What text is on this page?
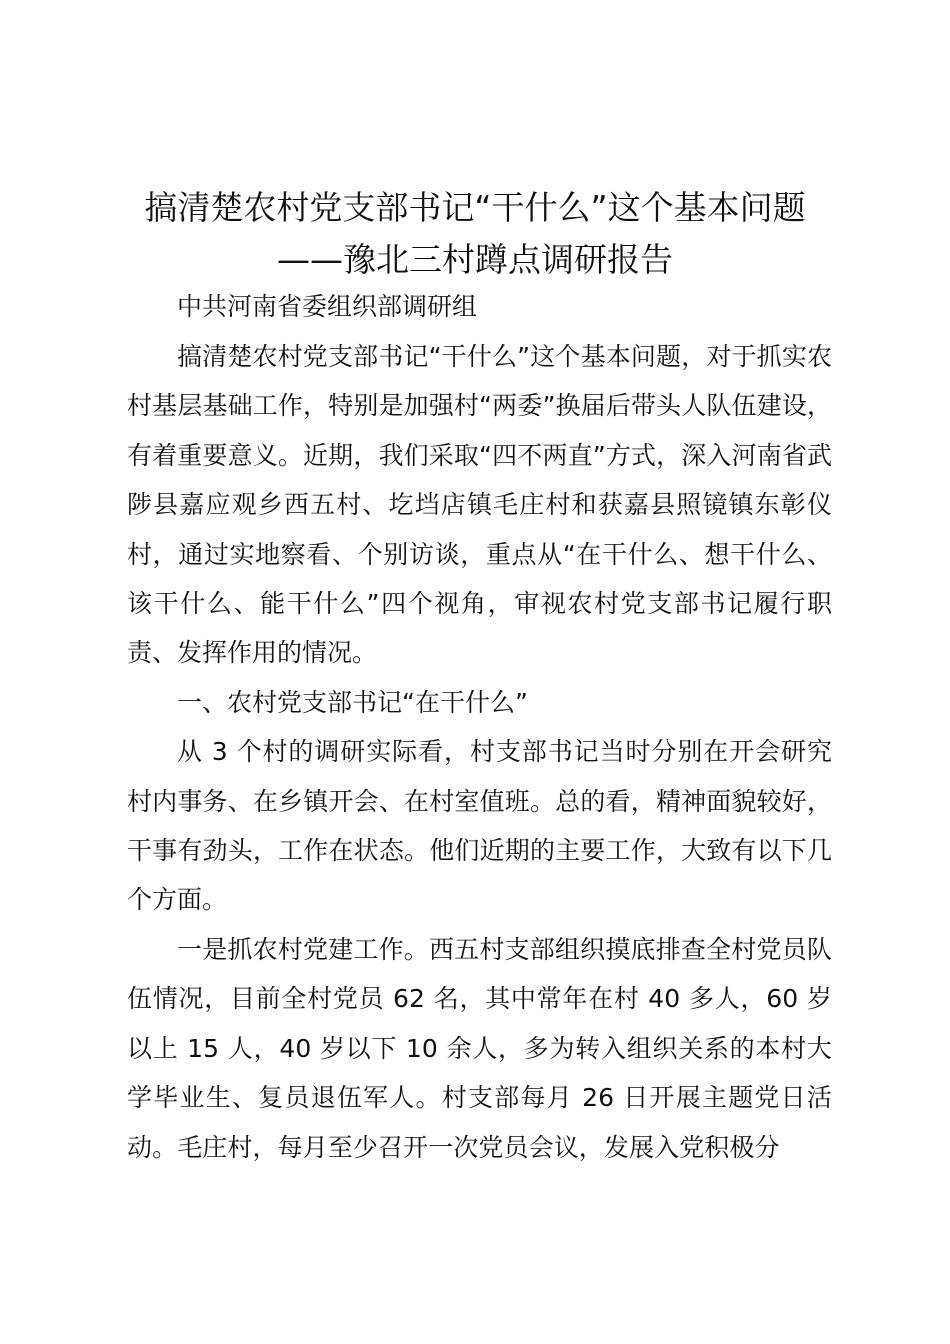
搞清楚农村党支部书记“干什么”这个基本问题——豫北三村蹲点调研报告

中共河南省委组织部调研组

搞清楚农村党支部书记“干什么”这个基本问题，对于抓实农村基层基础工作，特别是加强村“两委”换届后带头人队伍建设，有着重要意义。近期，我们采取“四不两直”方式，深入河南省武陟县嘉应观乡西五村、圪垱店镇毛庄村和获嘉县照镜镇东彰仪村，通过实地察看、个别访谈，重点从“在干什么、想干什么、该干什么、能干什么”四个视角，审视农村党支部书记履行职责、发挥作用的情况。

一、农村党支部书记“在干什么”

从 3 个村的调研实际看，村支部书记当时分别在开会研究村内事务、在乡镇开会、在村室值班。总的看，精神面貌较好，干事有劲头，工作在状态。他们近期的主要工作，大致有以下几个方面。

一是抓农村党建工作。西五村支部组织摸底排查全村党员队伍情况，目前全村党员 62 名，其中常年在村 40 多人，60 岁以上 15 人，40 岁以下 10 余人，多为转入组织关系的本村大学毕业生、复员退伍军人。村支部每月 26 日开展主题党日活动。毛庄村，每月至少召开一次党员会议，发展入党积极分
